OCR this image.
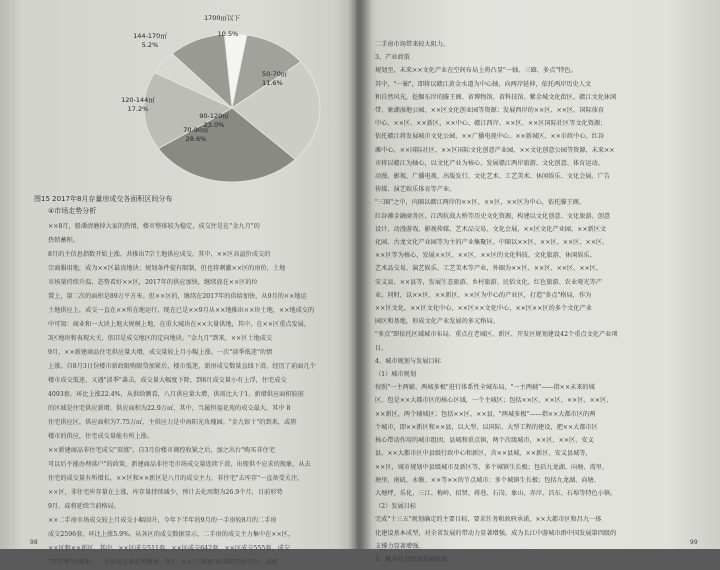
1700㎡以下
50-70㎡
11.6%
90-120㎡
23.0%
70-90㎡
28.6%
120-144㎡
17.2%
144-170㎡
5.2%
10.5%
图15 2017年8月存量房成交各面积区间分布
④市场走势分析
××8月，船潘清磨掉大家的热情，楼市整体较为稳定，成交往是在"金九月"的
热销蓄积。
8月的主信息指数开始上涨，共推出7宗土地供应成交。其中，××区高溢价成交的
宗商服用地，成为××区最贵地块；规划条件提有限制，但也将刺激××区的房价，土地
市场量持续升温，态势看好××区，2017年的供应加快，继续放在××区的位
置上，第二次的面积是89万平方米。但××区的，继续在2017年的供给加快，从9月的××地运
土地供应上，成交一直在××所在地运行，现在已是××9月从××地推出××块土地，××地成交的
中可知：商业和一大块上地大规模上地，在重大城块在××大量供地，其中，在××区重点发展，
3区地块和表现大关，依旧是成交地区的定向地块。"金九月"到来，××区土地成交
9月，××新建商品住宅供应量大增，成交量较上月小幅上涨。一次"淡季低迷"的情
上涨。自8月3日份楼市新政限购限贷加紧后，楼市低迷，新房成交数量直线下滑，经历了前面几个
楼市成交低迷，又遇"淡季"袭击，成交量大幅度下降，到8月成交量小有上浮，住宅成交
4093套，环比上涨22.4%，从供给侧看，八月供应量大增，供需比大于1。新增供应面积较前
的区域是住宅供应新增，供应面积为22.9万㎡，其中，当属恒福花苑的成交最大，其中 8
住宅供应区，供应面积为7.75万㎡，主供应力是中海阳光玫瑰园。"金九银十"的到来，或将
楼市的供应，住宅成交量能有所上涨。
××新建商品非住宅成交"双涨"，自3月份楼市调控收紧之后，加之出台"购买非住宅
可以后不能办理落户"的政策，新建商品非住宅市场成交量连续下滑，出现供不应求的现象，从去
住宅的成交量有所增长，××区和××新区是八月的成交主力，非住宅"去库存"一直备受关注，
××区，非住宅库存量在上涨，库存量持续减少，预计去化周期为26.9个月，目前形势
9月，或将延续当前格局。
××二手房市场成交较上月成交小幅回升，今年下半年的9月的一手房较8月的二手房
成交2596套，环比上涨5.9%。从各区的成交数据显示，二手房的成交主力集中在××区，
××区和××新区，其中，××区成交511套，××区成交642套，××区成交555套，成交
"开学季"的到来，二手房成交量有所增加。9月，××"三限房"政策将开始实行，或将
98	99
二手房市场带来较大阻力。
3、产业政策
规划至，未来××文化产业在空间布局上将凸显"一轴、三圈、多点"特色。
其中，"一轴"，即将以赣江黄金水道为中心轴，向两岸延伸，依托两岸历史人文
和自然风光，挖掘东岸的滕王阁、省博物馆、省科技馆、紫金城文化街区、赣江文化休闲
带、象湖湿地公园、××区文化创业园等资源；发展西岸的××区、××区、国际体育
中心、××区、××新区、××中心、赣江西岸、××区、××区国际社区等文化资源；
依托赣江将发展城市文化公园、××广播电视中心、××新城区、××市政中心、红谷
滩中心、××国际社区、××区国际文化创意产业园、××文化创意公园等资源，未来××
市将以赣江为轴心，以文化产业为核心，发展赣江两岸旅游、文化创意、体育运动、
动漫、影视、广播电视、出版发行、文化艺术、工艺美术、休闲娱乐、文化会展、广告
传媒、演艺娱乐体育等产业。
"三圈"之中，内圈以赣江两岸的××区、××区、××区为中心，依托滕王阁、
红谷滩金融商务区、江西抗战大桥等历史文化资源，构建以文化创意、文化旅游、创意
设计、动漫游戏、影视传媒、艺术品交易、文化会展、××区文化产业园、××新区文
化园、古龙文化产业园等为主的产业集聚区。中圈以××区、××区、××区、××区、
××区等为核心，发展××区、××区、××区的文化科技、文化旅游、休闲娱乐、
艺术品交易、演艺娱乐、工艺美术等产业，外圈为××区、××区、××区、××区、
安义县、××县等，发展生态旅游、乡村旅游、民俗文化、红色旅游、农业观光等产
业。同时，以××区、××新区、××区为中心的产业区，打造"多点"格局，作为
××区文化、××区文化中心，××区××文化中心，××区××区的多个文化产业
园区和基地，形成文化产业发展的多元格局。
"多点"即依托区域城市布局，重点在老城区、新区、开发区规划建设42个重点文化产业项
目。
4、城市规划与发展目标
（1）城市规划
按照"一主两辅、两城多极"进行体系性全城布局，"一主两辅"——指××未来的城
区，包是××大都市区的核心区域，一个主城区；包括××区、××区、××区、××区、
××新区，两个辅城区；包括××区、××县，"两城多极"——指××大都市区的两
个城市，即××新区和××县，以大型、以国际、大型工程的建设，把××大都市区
核心带动作用的城市组团，县城和重点镇，两个次级城市，××区、××区、安义
县。××大都市区中县级行政中心和新区，含××县城、××新区、安义县城等，
××区，城市规划中县级城市及新区等，多个城镇生长极；包括九龙湖、向塘、湾里、
塘里、南矶、永修、××等××的节点城市；多个城镇生长极；包括九龙湖、向塘、
大塘坪、乐化、三江、梅岭、招贤、蒋巷、石岗、象山、赤岸、昌东、石埠等特色小镇。
（2）发展目标
完成"十三五"规划确定的主要目标，要求任务和政府承诺，××大都市区和昌九一体
化建设基本成型，对全省发展的带动力显著增强，成为长江中游城市群中国发展第四级的
支撑力显著增强。
5、城市社会经济发展状况
